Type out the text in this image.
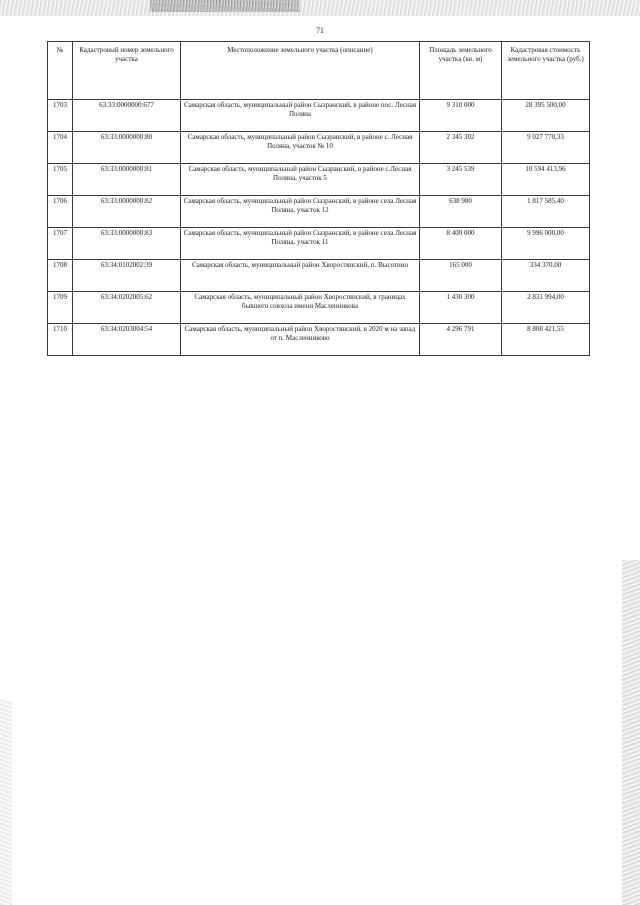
71
№	Кадастровый номер земельного участка	Местоположение земельного участка (описание)	Площадь земельного участка (кв. м)	Кадастровая стоимость земельного участка (руб.)
1703	63:33:0000000:677	Самарская область, муниципальный район Сызранский, в районе пос. Лесная Поляна	9 310 000	28 395 500,00
1704	63:33:0000000:80	Самарская область, муниципальный район Сызранский, в районе с. Лесная Поляна, участок № 10	2 345 302	9 027 770,33
1705	63:33:0000000:81	Самарская область, муниципальный район Сызранский, в районе с.Лесная Поляна, участок 5	3 245 539	10 594 413,96
1706	63:33:0000000:82	Самарская область, муниципальный район Сызранский, в районе села Лесная Поляна, участок 12	638 980	1 817 585,40
1707	63:33:0000000:83	Самарская область, муниципальный район Сызранский, в районе села Лесная Поляна, участок 11	8 400 000	9 996 000,00
1708	63:34:0102002:39	Самарская область, муниципальный район Хворостянский, п. Высотино	165 000	334 370,00
1709	63:34:0202005:62	Самарская область, муниципальный район Хворостянский, в границах бывшего совхоза имени Масленникова	1 430 300	2 831 994,00
1710	63:34:0203004:54	Самарская область, муниципальный район Хворостянский, в 2020 м на запад от п. Масленниково	4 296 791	8 808 421,55
